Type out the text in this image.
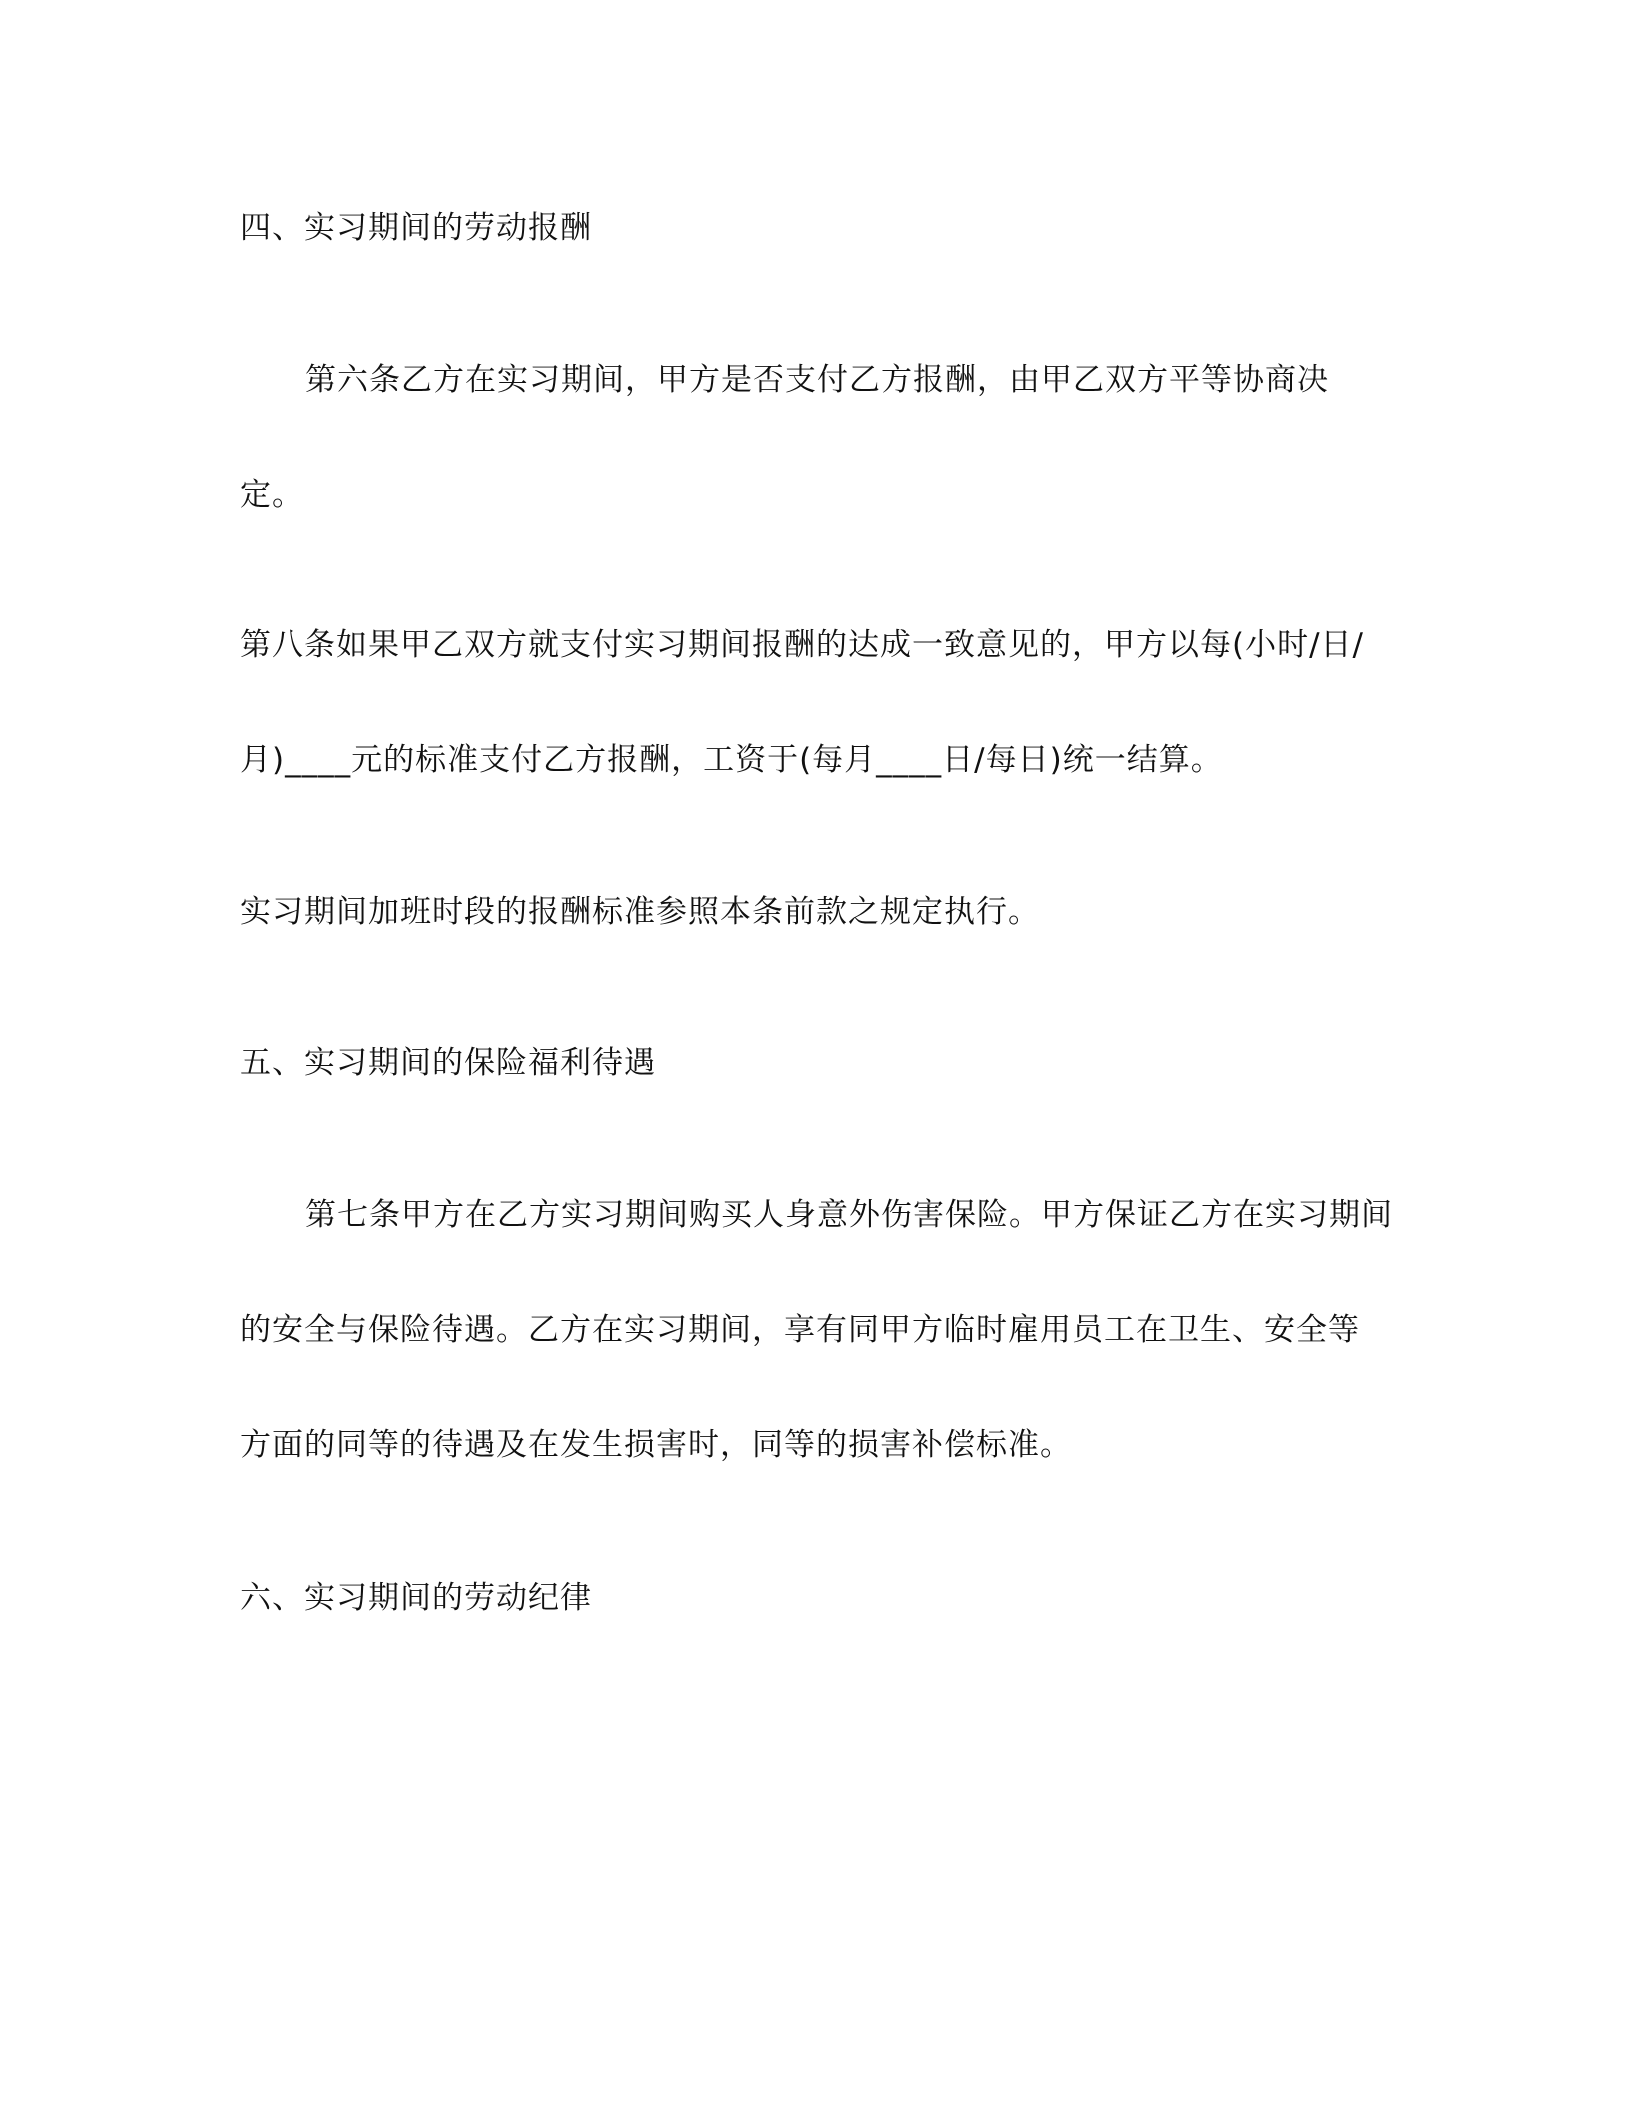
四、实习期间的劳动报酬
第六条乙方在实习期间，甲方是否支付乙方报酬，由甲乙双方平等协商决
定。
第八条如果甲乙双方就支付实习期间报酬的达成一致意见的，甲方以每(小时/日/
月)____元的标准支付乙方报酬，工资于(每月____日/每日)统一结算。
实习期间加班时段的报酬标准参照本条前款之规定执行。
五、实习期间的保险福利待遇
第七条甲方在乙方实习期间购买人身意外伤害保险。甲方保证乙方在实习期间
的安全与保险待遇。乙方在实习期间，享有同甲方临时雇用员工在卫生、安全等
方面的同等的待遇及在发生损害时，同等的损害补偿标准。
六、实习期间的劳动纪律
